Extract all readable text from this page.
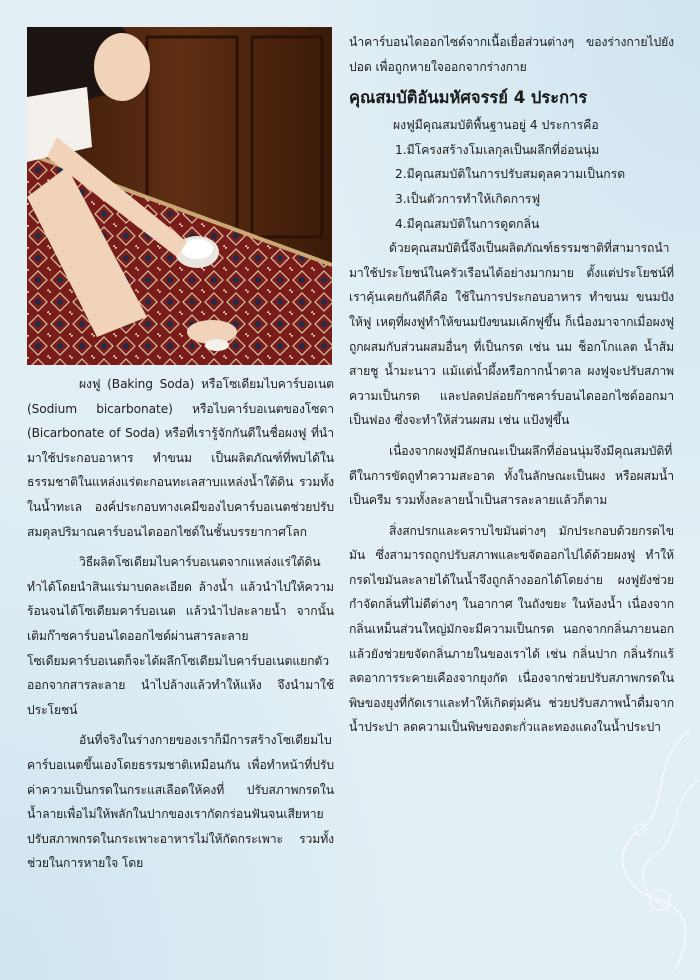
ผงฟู (Baking Soda) หรือโซเดียมไบคาร์บอเนต (Sodium bicarbonate) หรือไบคาร์บอเนตของโซดา (Bicarbonate of Soda) หรือที่เรารู้จักกันดีในชื่อผงฟู ที่นำมาใช้ประกอบอาหาร ทำขนม เป็นผลิตภัณฑ์ที่พบได้ในธรรมชาติในแหล่งแร่ตะกอนทะเลสาบแหล่งน้ำใต้ดิน รวมทั้งในน้ำทะเล องค์ประกอบทางเคมีของไบคาร์บอเนตช่วยปรับสมดุลปริมาณคาร์บอนไดออกไซด์ในชั้นบรรยากาศโลก

วิธีผลิตโซเดียมไบคาร์บอเนตจากแหล่งแร่ใต้ดิน ทำได้โดยนำสินแร่มาบดละเอียด ล้างน้ำ แล้วนำไปให้ความร้อนจนได้โซเดียมคาร์บอเนต แล้วนำไปละลายน้ำ จากนั้นเติมก๊าซคาร์บอนไดออกไซด์ผ่านสารละลายโซเดียมคาร์บอเนตก็จะได้ผลึกโซเดียมไบคาร์บอเนตแยกตัวออกจากสารละลาย นำไปล้างแล้วทำให้แห้ง จึงนำมาใช้ประโยชน์

อันที่จริงในร่างกายของเราก็มีการสร้างโซเดียมไบคาร์บอเนตขึ้นเองโดยธรรมชาติเหมือนกัน เพื่อทำหน้าที่ปรับค่าความเป็นกรดในกระแสเลือดให้คงที่ ปรับสภาพกรดในน้ำลายเพื่อไม่ให้พลักในปากของเรากัดกร่อนฟันจนเสียหาย ปรับสภาพกรดในกระเพาะอาหารไม่ให้กัดกระเพาะ รวมทั้งช่วยในการหายใจ โดย

นำคาร์บอนไดออกไซด์จากเนื้อเยื่อส่วนต่างๆ ของร่างกายไปยังปอด เพื่อถูกหายใจออกจากร่างกาย

คุณสมบัติอันมหัศจรรย์ 4 ประการ

ผงฟูมีคุณสมบัติพื้นฐานอยู่ 4 ประการคือ

1.มีโครงสร้างโมเลกุลเป็นผลึกที่อ่อนนุ่ม

2.มีคุณสมบัติในการปรับสมดุลความเป็นกรด

3.เป็นตัวการทำให้เกิดการฟู

4.มีคุณสมบัติในการดูดกลิ่น

ด้วยคุณสมบัตินี้จึงเป็นผลิตภัณฑ์ธรรมชาติที่สามารถนำมาใช้ประโยชน์ในครัวเรือนได้อย่างมากมาย ตั้งแต่ประโยชน์ที่เราคุ้นเคยกันดีก็คือ ใช้ในการประกอบอาหาร ทำขนม ขนมปังให้ฟู เหตุที่ผงฟูทำให้ขนมปังขนมเค้กฟูขึ้น ก็เนื่องมาจากเมื่อผงฟูถูกผสมกับส่วนผสมอื่นๆ ที่เป็นกรด เช่น นม ช็อกโกแลต น้ำส้มสายชู น้ำมะนาว แม้แต่น้ำผึ้งหรือกากน้ำตาล ผงฟูจะปรับสภาพความเป็นกรด และปลดปล่อยก๊าซคาร์บอนไดออกไซด์ออกมาเป็นฟอง ซึ่งจะทำให้ส่วนผสม เช่น แป้งฟูขึ้น

เนื่องจากผงฟูมีลักษณะเป็นผลึกที่อ่อนนุ่มจึงมีคุณสมบัติที่ดีในการขัดถูทำความสะอาด ทั้งในลักษณะเป็นผง หรือผสมน้ำเป็นครีม รวมทั้งละลายน้ำเป็นสารละลายแล้วก็ตาม

สิ่งสกปรกและคราบไขมันต่างๆ มักประกอบด้วยกรดไขมัน ซึ่งสามารถถูกปรับสภาพและขจัดออกไปได้ด้วยผงฟู ทำให้กรดไขมันละลายได้ในน้ำจึงถูกล้างออกได้โดยง่าย ผงฟูยังช่วยกำจัดกลิ่นที่ไม่ดีต่างๆ ในอากาศ ในถังขยะ ในห้องน้ำ เนื่องจากกลิ่นเหม็นส่วนใหญ่มักจะมีความเป็นกรด นอกจากกลิ่นภายนอกแล้วยังช่วยขจัดกลิ่นภายในของเราได้ เช่น กลิ่นปาก กลิ่นรักแร้ ลดอาการระคายเคืองจากยุงกัด เนื่องจากช่วยปรับสภาพกรดในพิษของยุงที่กัดเราและทำให้เกิดตุ่มคัน ช่วยปรับสภาพน้ำดื่มจากน้ำประปา ลดความเป็นพิษของตะกั่วและทองแดงในน้ำประปา
